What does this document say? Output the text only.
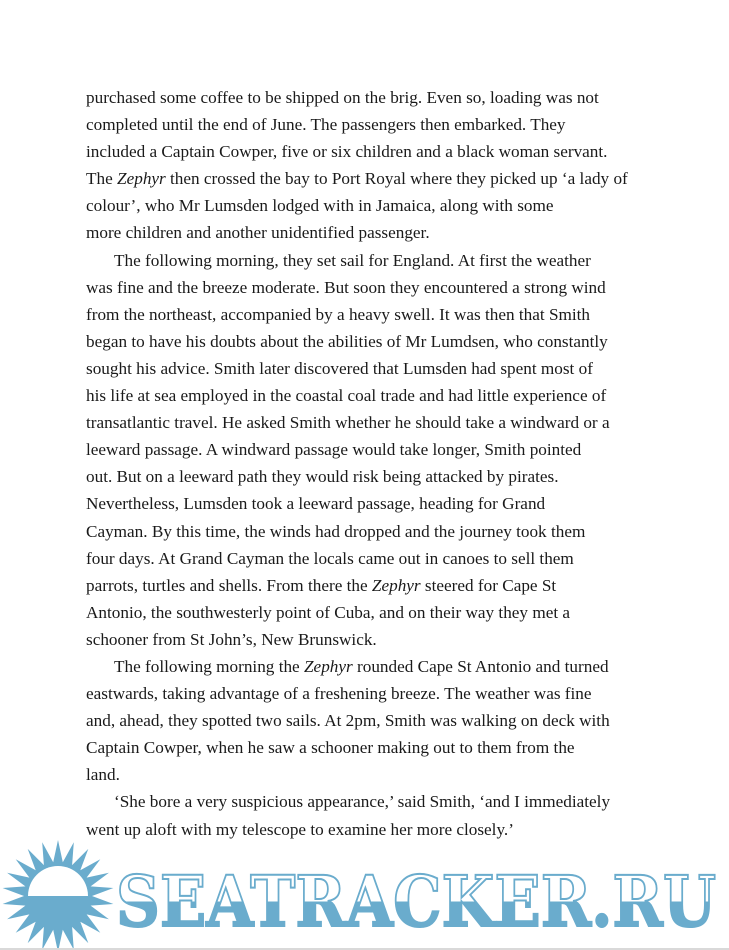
purchased some coffee to be shipped on the brig. Even so, loading was not
completed until the end of June. The passengers then embarked. They
included a Captain Cowper, five or six children and a black woman servant.
The Zephyr then crossed the bay to Port Royal where they picked up ‘a lady of
colour’, who Mr Lumsden lodged with in Jamaica, along with some
more children and another unidentified passenger.
The following morning, they set sail for England. At first the weather
was fine and the breeze moderate. But soon they encountered a strong wind
from the northeast, accompanied by a heavy swell. It was then that Smith
began to have his doubts about the abilities of Mr Lumdsen, who constantly
sought his advice. Smith later discovered that Lumsden had spent most of
his life at sea employed in the coastal coal trade and had little experience of
transatlantic travel. He asked Smith whether he should take a windward or a
leeward passage. A windward passage would take longer, Smith pointed
out. But on a leeward path they would risk being attacked by pirates.
Nevertheless, Lumsden took a leeward passage, heading for Grand
Cayman. By this time, the winds had dropped and the journey took them
four days. At Grand Cayman the locals came out in canoes to sell them
parrots, turtles and shells. From there the Zephyr steered for Cape St
Antonio, the southwesterly point of Cuba, and on their way they met a
schooner from St John’s, New Brunswick.
The following morning the Zephyr rounded Cape St Antonio and turned
eastwards, taking advantage of a freshening breeze. The weather was fine
and, ahead, they spotted two sails. At 2pm, Smith was walking on deck with
Captain Cowper, when he saw a schooner making out to them from the
land.
‘She bore a very suspicious appearance,’ said Smith, ‘and I immediately
went up aloft with my telescope to examine her more closely.’
SEATRACKER.RU
